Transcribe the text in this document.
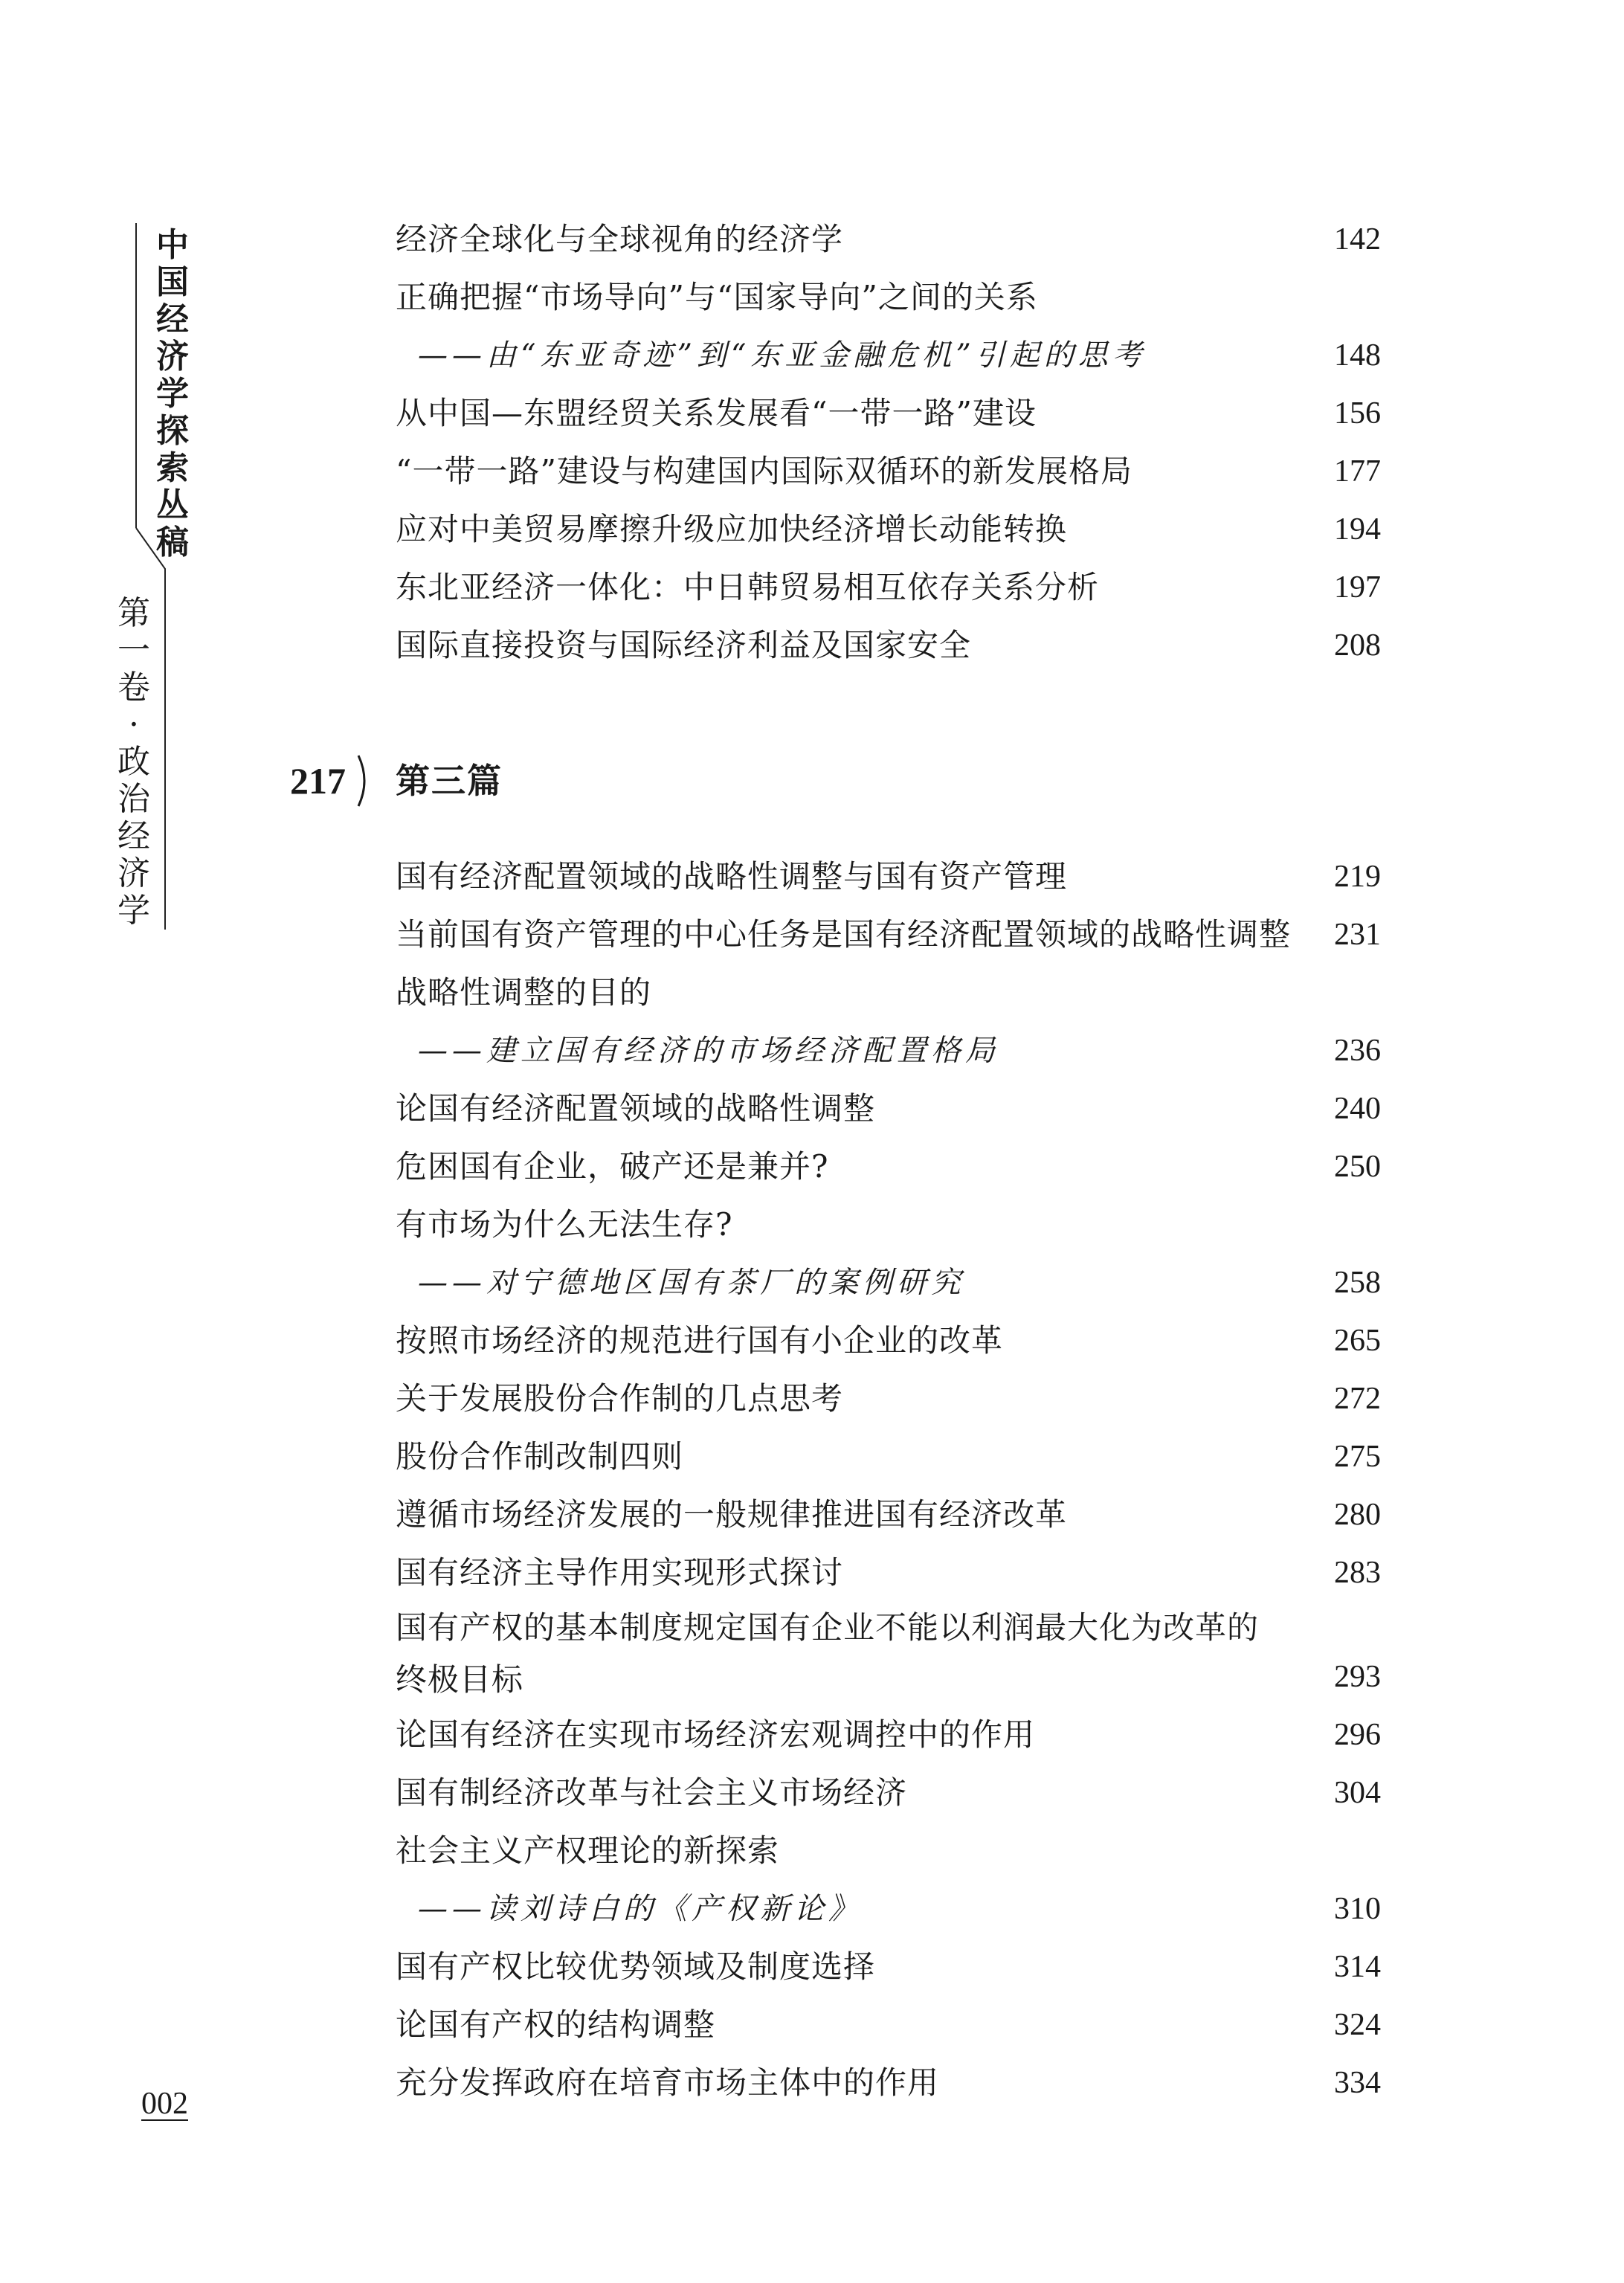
中
国
经
济
学
探
索
丛
稿
第
一
卷
·
政
治
经
济
学
经济全球化与全球视角的经济学	142
正确把握“市场导向”与“国家导向”之间的关系
——由“东亚奇迹”到“东亚金融危机”引起的思考	148
从中国—东盟经贸关系发展看“一带一路”建设	156
“一带一路”建设与构建国内国际双循环的新发展格局	177
应对中美贸易摩擦升级应加快经济增长动能转换	194
东北亚经济一体化：中日韩贸易相互依存关系分析	197
国际直接投资与国际经济利益及国家安全	208
217 第三篇
国有经济配置领域的战略性调整与国有资产管理	219
当前国有资产管理的中心任务是国有经济配置领域的战略性调整	231
战略性调整的目的
——建立国有经济的市场经济配置格局	236
论国有经济配置领域的战略性调整	240
危困国有企业，破产还是兼并?	250
有市场为什么无法生存?
——对宁德地区国有茶厂的案例研究	258
按照市场经济的规范进行国有小企业的改革	265
关于发展股份合作制的几点思考	272
股份合作制改制四则	275
遵循市场经济发展的一般规律推进国有经济改革	280
国有经济主导作用实现形式探讨	283
国有产权的基本制度规定国有企业不能以利润最大化为改革的
终极目标	293
论国有经济在实现市场经济宏观调控中的作用	296
国有制经济改革与社会主义市场经济	304
社会主义产权理论的新探索
——读刘诗白的《产权新论》	310
国有产权比较优势领域及制度选择	314
论国有产权的结构调整	324
充分发挥政府在培育市场主体中的作用	334
002
